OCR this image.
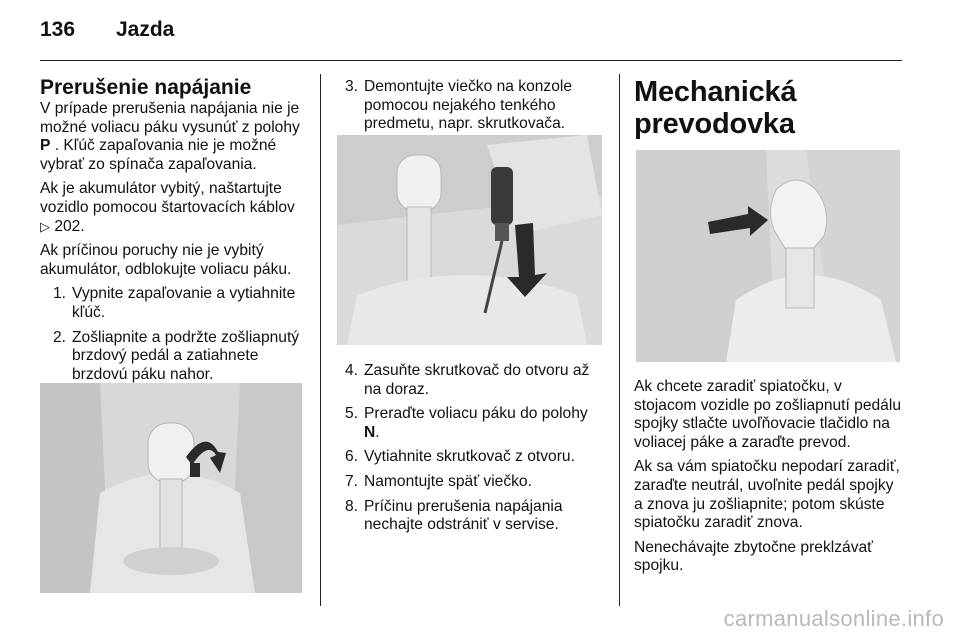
136	Jazda
Prerušenie napájanie

V prípade prerušenia napájania nie je možné voliacu páku vysunúť z polohy P . Kľúč zapaľovania nie je možné vybrať zo spínača zapaľovania.

Ak je akumulátor vybitý, naštartujte vozidlo pomocou štartovacích káblov ▷ 202.

Ak príčinou poruchy nie je vybitý akumulátor, odblokujte voliacu páku.

1. Vypnite zapaľovanie a vytiahnite kľúč.
2. Zošliapnite a podržte zošliapnutý brzdový pedál a zatiahnete brzdovú páku nahor.
3. Demontujte viečko na konzole pomocou nejakého tenkého predmetu, napr. skrutkovača.
4. Zasuňte skrutkovač do otvoru až na doraz.
5. Preraďte voliacu páku do polohy
N.
6. Vytiahnite skrutkovač z otvoru.
7. Namontujte späť viečko.
8. Príčinu prerušenia napájania nechajte odstrániť v servise.
Mechanická prevodovka

Ak chcete zaradiť spiatočku, v stojacom vozidle po zošliapnutí pedálu spojky stlačte uvoľňovacie tlačidlo na voliacej páke a zaraďte prevod.

Ak sa vám spiatočku nepodarí zaradiť, zaraďte neutrál, uvoľnite pedál spojky a znova ju zošliapnite; potom skúste spiatočku zaradiť znova.

Nenechávajte zbytočne preklzávať spojku.

carmanualsonline.info
